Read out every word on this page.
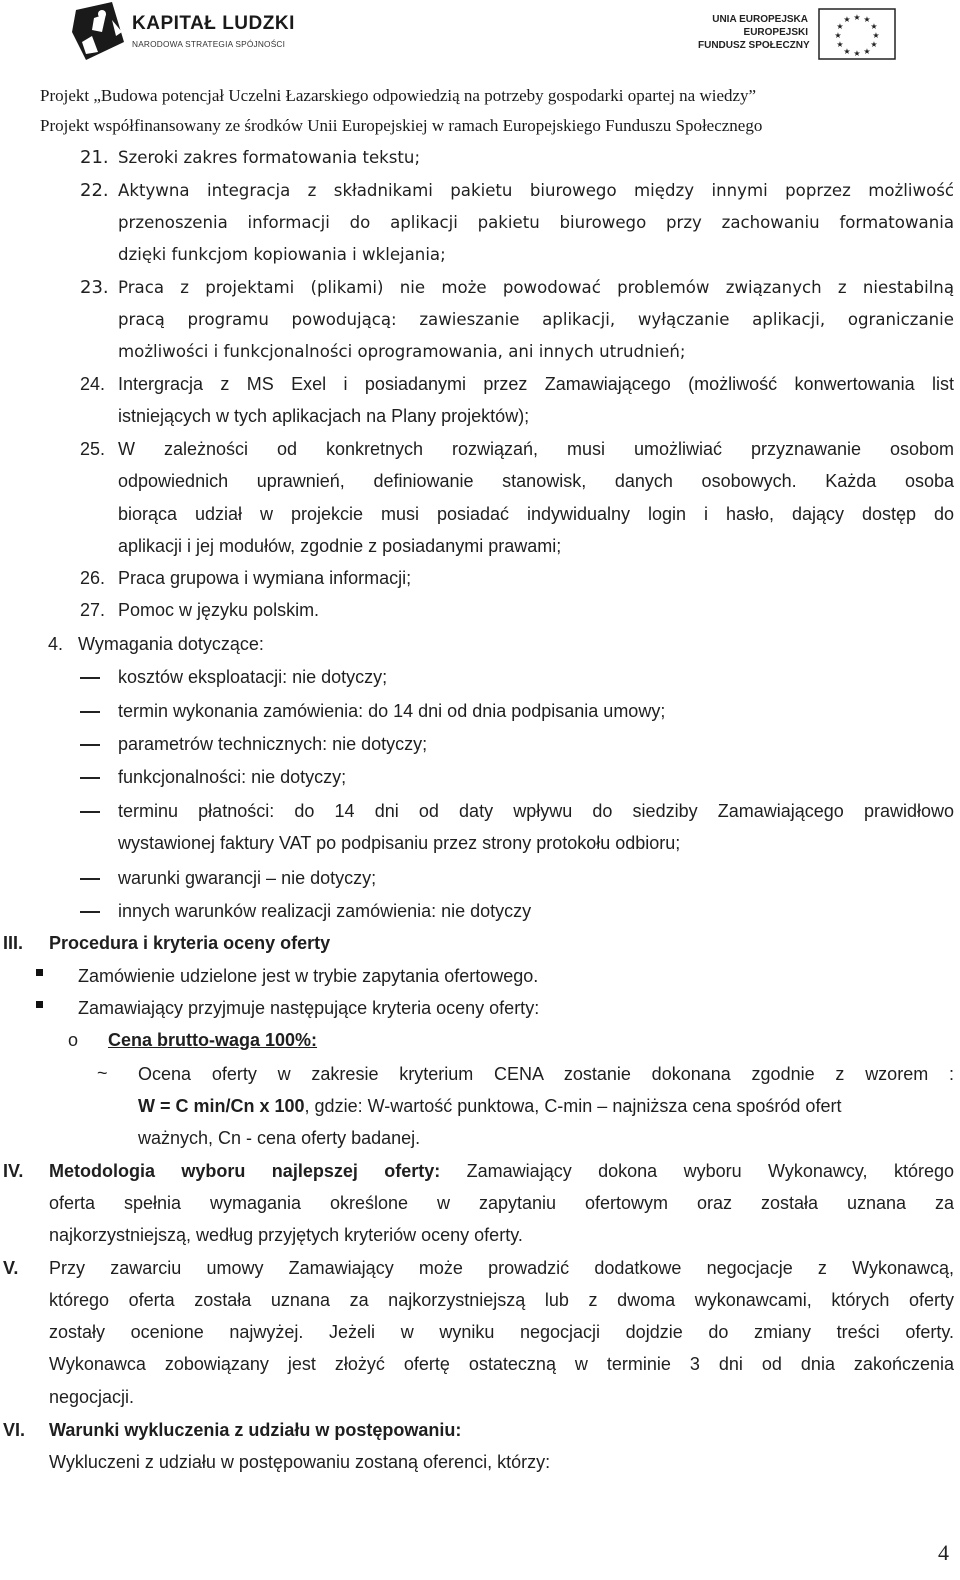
KAPITAŁ LUDZKI
NARODOWA STRATEGIA SPÓJNOŚCI
UNIA EUROPEJSKA
EUROPEJSKI
FUNDUSZ SPOŁECZNY
★ ★
★
★
★
★
★
★
★
★
★
★
Projekt „Budowa potencjał Uczelni Łazarskiego odpowiedzią na potrzeby gospodarki opartej na wiedzy”
Projekt współfinansowany ze środków Unii Europejskiej w ramach Europejskiego Funduszu Społecznego
21. Szeroki zakres formatowania tekstu;
22. Aktywna integracja z składnikami pakietu biurowego między innymi poprzez możliwość
przenoszenia informacji do aplikacji pakietu biurowego przy zachowaniu formatowania
dzięki funkcjom kopiowania i wklejania;
23. Praca z projektami (plikami) nie może powodować problemów związanych z niestabilną
pracą programu powodującą: zawieszanie aplikacji, wyłączanie aplikacji, ograniczanie
możliwości i funkcjonalności oprogramowania, ani innych utrudnień;
24. Intergracja z MS Exel i posiadanymi przez Zamawiającego (możliwość konwertowania list
istniejących w tych aplikacjach na Plany projektów);
25. W zależności od konkretnych rozwiązań, musi umożliwiać przyznawanie osobom
odpowiednich uprawnień, definiowanie stanowisk, danych osobowych. Każda osoba
biorąca udział w projekcie musi posiadać indywidualny login i hasło, dający dostęp do
aplikacji i jej modułów, zgodnie z posiadanymi prawami;
26. Praca grupowa i wymiana informacji;
27. Pomoc w języku polskim.
4. Wymagania dotyczące:
kosztów eksploatacji: nie dotyczy;
termin wykonania zamówienia: do 14 dni od dnia podpisania umowy;
parametrów technicznych: nie dotyczy;
funkcjonalności: nie dotyczy;
terminu płatności: do 14 dni od daty wpływu do siedziby Zamawiającego prawidłowo
wystawionej faktury VAT po podpisaniu przez strony protokołu odbioru;
warunki gwarancji – nie dotyczy;
innych warunków realizacji zamówienia: nie dotyczy
III. Procedura i kryteria oceny oferty
Zamówienie udzielone jest w trybie zapytania ofertowego.
Zamawiający przyjmuje następujące kryteria oceny oferty:
o Cena brutto-waga 100%:
~ Ocena oferty w zakresie kryterium CENA zostanie dokonana zgodnie z wzorem :
W = C min/Cn x 100, gdzie: W-wartość punktowa, C-min – najniższa cena spośród ofert
ważnych, Cn - cena oferty badanej.
IV. Metodologia wyboru najlepszej oferty: Zamawiający dokona wyboru Wykonawcy, którego
oferta spełnia wymagania określone w zapytaniu ofertowym oraz została uznana za
najkorzystniejszą, według przyjętych kryteriów oceny oferty.
V. Przy zawarciu umowy Zamawiający może prowadzić dodatkowe negocjacje z Wykonawcą,
którego oferta została uznana za najkorzystniejszą lub z dwoma wykonawcami, których oferty
zostały ocenione najwyżej. Jeżeli w wyniku negocjacji dojdzie do zmiany treści oferty.
Wykonawca zobowiązany jest złożyć ofertę ostateczną w terminie 3 dni od dnia zakończenia
negocjacji.
VI. Warunki wykluczenia z udziału w postępowaniu:
Wykluczeni z udziału w postępowaniu zostaną oferenci, którzy:
4
